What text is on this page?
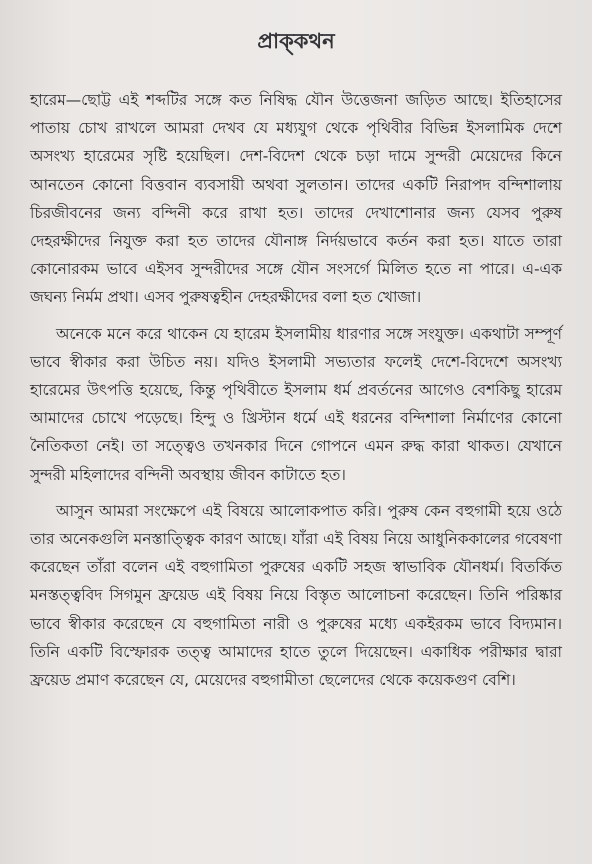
প্রাক্‌কথন

হারেম—ছোট্ট এই শব্দটির সঙ্গে কত নিষিদ্ধ যৌন উত্তেজনা জড়িত আছে। ইতিহাসের পাতায় চোখ রাখলে আমরা দেখব যে মধ্যযুগ থেকে পৃথিবীর বিভিন্ন ইসলামিক দেশে অসংখ্য হারেমের সৃষ্টি হয়েছিল। দেশ-বিদেশ থেকে চড়া দামে সুন্দরী মেয়েদের কিনে আনতেন কোনো বিত্তবান ব্যবসায়ী অথবা সুলতান। তাদের একটি নিরাপদ বন্দিশালায় চিরজীবনের জন্য বন্দিনী করে রাখা হত। তাদের দেখাশোনার জন্য যেসব পুরুষ দেহরক্ষীদের নিযুক্ত করা হত তাদের যৌনাঙ্গ নির্দয়ভাবে কর্তন করা হত। যাতে তারা কোনোরকম ভাবে এইসব সুন্দরীদের সঙ্গে যৌন সংসর্গে মিলিত হতে না পারে। এ-এক জঘন্য নির্মম প্রথা। এসব পুরুষত্বহীন দেহরক্ষীদের বলা হত খোজা।

অনেকে মনে করে থাকেন যে হারেম ইসলামীয় ধারণার সঙ্গে সংযুক্ত। একথাটা সম্পূর্ণ ভাবে স্বীকার করা উচিত নয়। যদিও ইসলামী সভ্যতার ফলেই দেশে-বিদেশে অসংখ্য হারেমের উৎপত্তি হয়েছে, কিন্তু পৃথিবীতে ইসলাম ধর্ম প্রবর্তনের আগেও বেশকিছু হারেম আমাদের চোখে পড়েছে। হিন্দু ও খ্রিস্টান ধর্মে এই ধরনের বন্দিশালা নির্মাণের কোনো নৈতিকতা নেই। তা সত্ত্বেও তখনকার দিনে গোপনে এমন রুদ্ধ কারা থাকত। যেখানে সুন্দরী মহিলাদের বন্দিনী অবস্থায় জীবন কাটাতে হত।

আসুন আমরা সংক্ষেপে এই বিষয়ে আলোকপাত করি। পুরুষ কেন বহুগামী হয়ে ওঠে তার অনেকগুলি মনস্তাত্ত্বিক কারণ আছে। যাঁরা এই বিষয় নিয়ে আধুনিককালের গবেষণা করেছেন তাঁরা বলেন এই বহুগামিতা পুরুষের একটি সহজ স্বাভাবিক যৌনধর্ম। বিতর্কিত মনস্তত্ত্ববিদ সিগমুন ফ্রয়েড এই বিষয় নিয়ে বিস্তৃত আলোচনা করেছেন। তিনি পরিষ্কার ভাবে স্বীকার করেছেন যে বহুগামিতা নারী ও পুরুষের মধ্যে একইরকম ভাবে বিদ্যমান। তিনি একটি বিস্ফোরক তত্ত্ব আমাদের হাতে তুলে দিয়েছেন। একাধিক পরীক্ষার দ্বারা ফ্রয়েড প্রমাণ করেছেন যে, মেয়েদের বহুগামীতা ছেলেদের থেকে কয়েকগুণ বেশি।
